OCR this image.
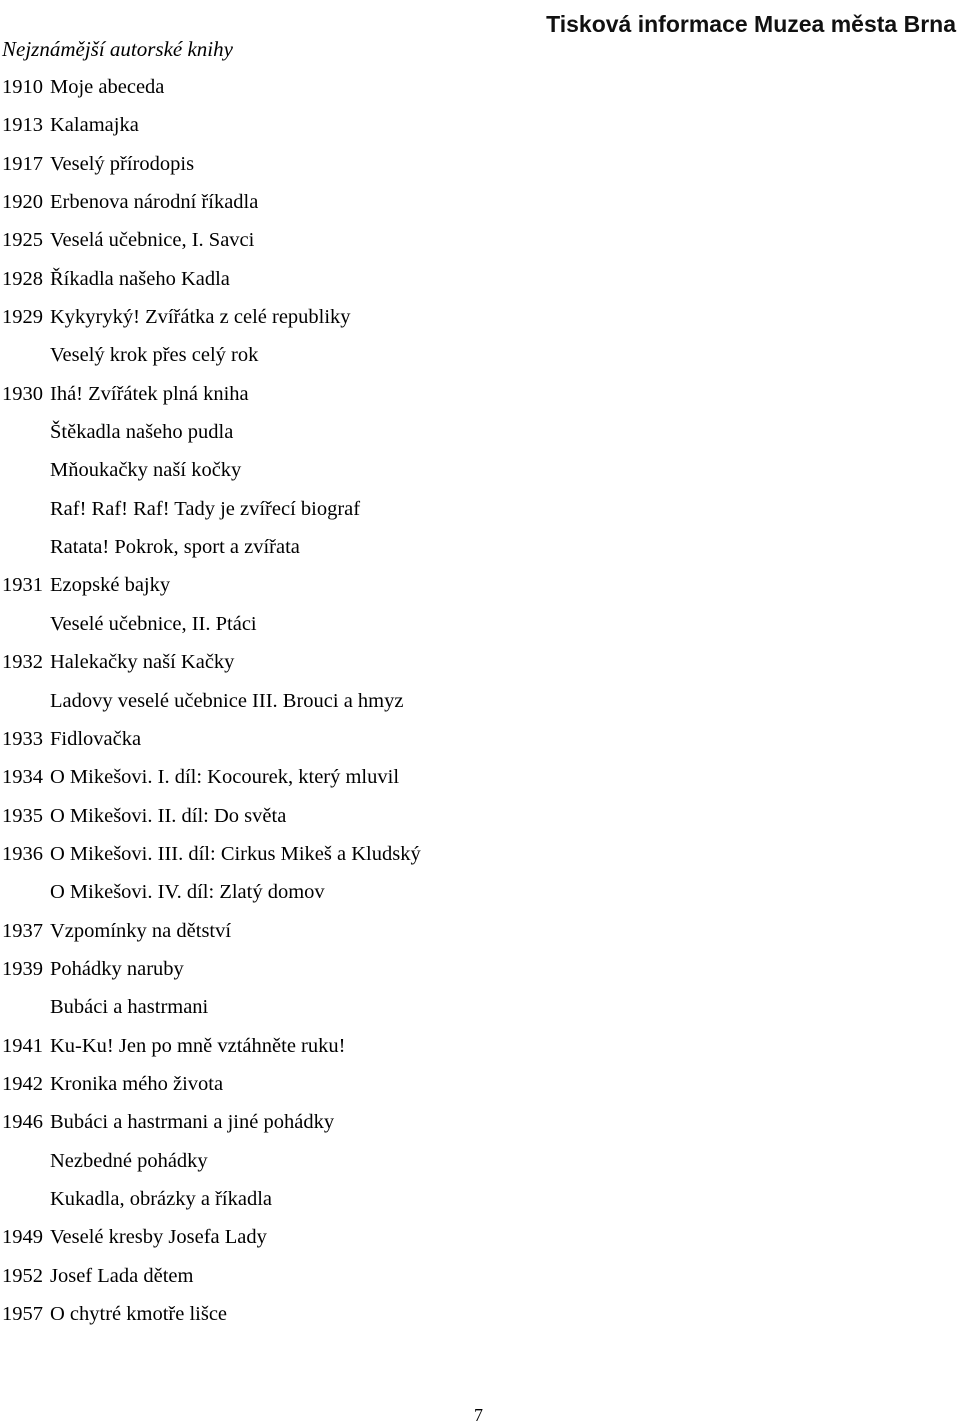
Tisková informace Muzea města Brna
Nejznámější autorské knihy
1910 Moje abeceda
1913 Kalamajka
1917 Veselý přírodopis
1920 Erbenova národní říkadla
1925 Veselá učebnice, I. Savci
1928 Říkadla našeho Kadla
1929 Kykyryký! Zvířátka z celé republiky
Veselý krok přes celý rok
1930 Ihá! Zvířátek plná kniha
Štěkadla našeho pudla
Mňoukačky naší kočky
Raf! Raf! Raf! Tady je zvířecí biograf
Ratata! Pokrok, sport a zvířata
1931 Ezopské bajky
Veselé učebnice, II. Ptáci
1932 Halekačky naší Kačky
Ladovy veselé učebnice III. Brouci a hmyz
1933 Fidlovačka
1934 O Mikešovi. I. díl: Kocourek, který mluvil
1935 O Mikešovi. II. díl: Do světa
1936 O Mikešovi. III. díl: Cirkus Mikeš a Kludský
O Mikešovi. IV. díl: Zlatý domov
1937 Vzpomínky na dětství
1939 Pohádky naruby
Bubáci a hastrmani
1941 Ku-Ku! Jen po mně vztáhněte ruku!
1942 Kronika mého života
1946 Bubáci a hastrmani a jiné pohádky
Nezbedné pohádky
Kukadla, obrázky a říkadla
1949 Veselé kresby Josefa Lady
1952 Josef Lada dětem
1957 O chytré kmotře lišce
7
